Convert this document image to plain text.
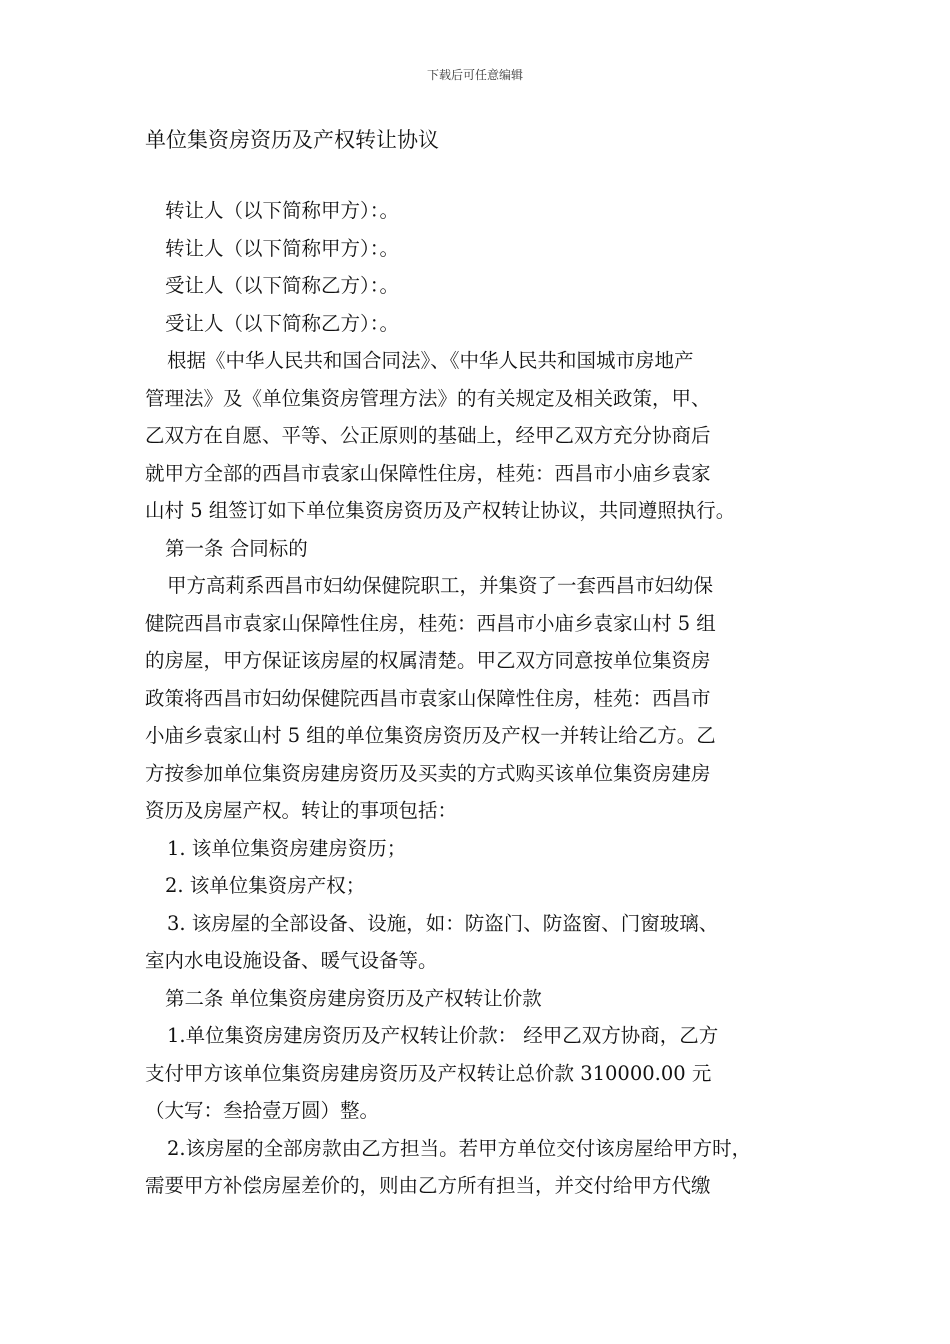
下载后可任意编辑
单位集资房资历及产权转让协议
转让人（以下简称甲方）：。
转让人（以下简称甲方）：。
受让人（以下简称乙方）：。
受让人（以下简称乙方）：。
根据《中华人民共和国合同法》、《中华人民共和国城市房地产
管理法》及《单位集资房管理方法》的有关规定及相关政策，甲、
乙双方在自愿、平等、公正原则的基础上，经甲乙双方充分协商后
就甲方全部的西昌市袁家山保障性住房，桂苑：西昌市小庙乡袁家
山村 5 组签订如下单位集资房资历及产权转让协议，共同遵照执行。
第一条 合同标的
甲方高莉系西昌市妇幼保健院职工，并集资了一套西昌市妇幼保
健院西昌市袁家山保障性住房，桂苑：西昌市小庙乡袁家山村 5 组
的房屋，甲方保证该房屋的权属清楚。甲乙双方同意按单位集资房
政策将西昌市妇幼保健院西昌市袁家山保障性住房，桂苑：西昌市
小庙乡袁家山村 5 组的单位集资房资历及产权一并转让给乙方。乙
方按参加单位集资房建房资历及买卖的方式购买该单位集资房建房
资历及房屋产权。转让的事项包括：
1. 该单位集资房建房资历；
2. 该单位集资房产权；
3. 该房屋的全部设备、设施，如：防盗门、防盗窗、门窗玻璃、
室内水电设施设备、暖气设备等。
第二条 单位集资房建房资历及产权转让价款
1.单位集资房建房资历及产权转让价款： 经甲乙双方协商，乙方
支付甲方该单位集资房建房资历及产权转让总价款 310000.00 元
（大写：叁拾壹万圆）整。
2.该房屋的全部房款由乙方担当。若甲方单位交付该房屋给甲方时，
需要甲方补偿房屋差价的，则由乙方所有担当，并交付给甲方代缴
